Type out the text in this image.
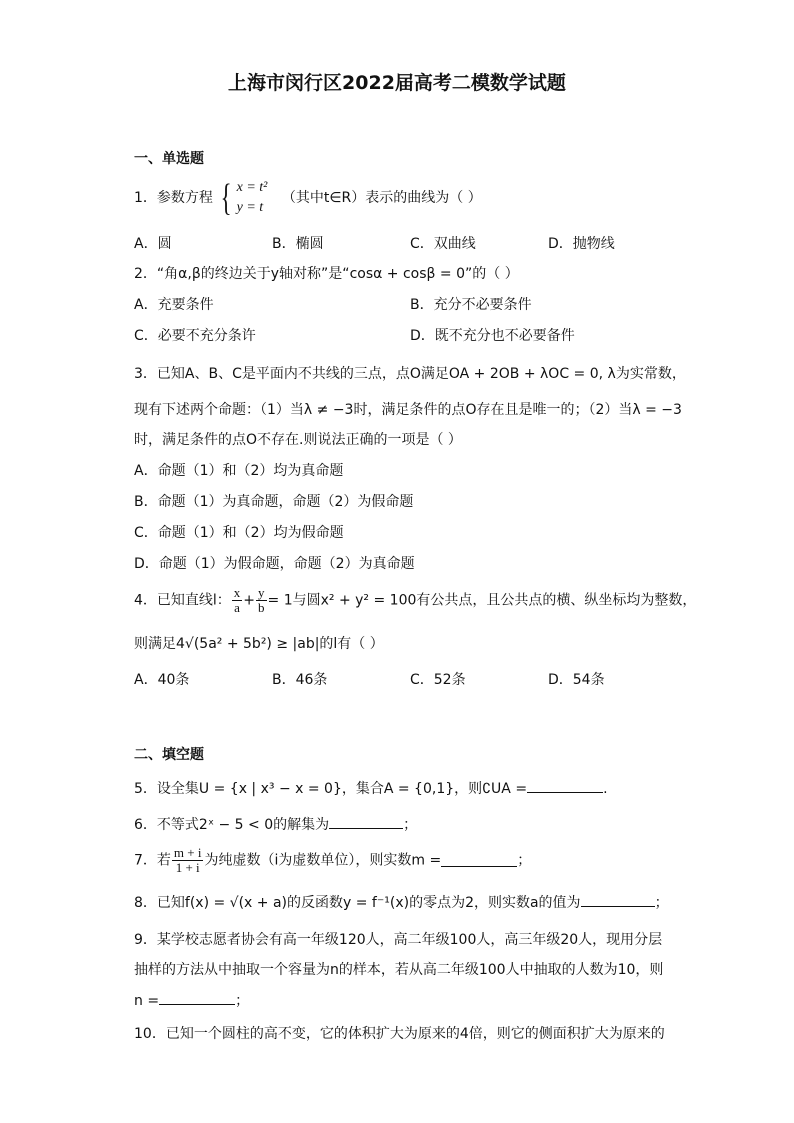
上海市闵行区2022届高考二模数学试题
一、单选题
1．参数方程 { x = t²
y = t
（其中t∈R）表示的曲线为（ ）
A．圆	B．椭圆	C．双曲线	D．抛物线
2．“角α,β的终边关于y轴对称”是“cosα + cosβ = 0”的（ ）
A．充要条件	B．充分不必要条件
C．必要不充分条许	D．既不充分也不必要备件
3．已知A、B、C是平面内不共线的三点，点O满足OA + 2OB + λOC = 0, λ为实常数，
现有下述两个命题：（1）当λ ≠ −3时，满足条件的点O存在且是唯一的；（2）当λ = −3
时，满足条件的点O不存在.则说法正确的一项是（ ）
A．命题（1）和（2）均为真命题
B．命题（1）为真命题，命题（2）为假命题
C．命题（1）和（2）均为假命题
D．命题（1）为假命题，命题（2）为真命题
4．已知直线l： $\frac{x}{a} + \frac{y}{b} = 1$与圆x² + y² = 100有公共点，且公共点的横、纵坐标均为整数，
则满足4√(5a² + 5b²) ≥ |ab|的l有（ ）
A．40条	B．46条	C．52条	D．54条
二、填空题
5．设全集U = {x | x³ − x = 0}，集合A = {0,1}，则∁UA =	.
6．不等式2ˣ − 5 < 0的解集为	；
7．若 $\frac{m + i}{1 + i}$ 为纯虚数（i为虚数单位），则实数m =	；
8．已知f(x) = √(x + a)的反函数y = f⁻¹(x)的零点为2，则实数a的值为	；
9．某学校志愿者协会有高一年级120人，高二年级100人，高三年级20人，现用分层
抽样的方法从中抽取一个容量为n的样本，若从高二年级100人中抽取的人数为10，则
n =	；
10．已知一个圆柱的高不变，它的体积扩大为原来的4倍，则它的侧面积扩大为原来的
